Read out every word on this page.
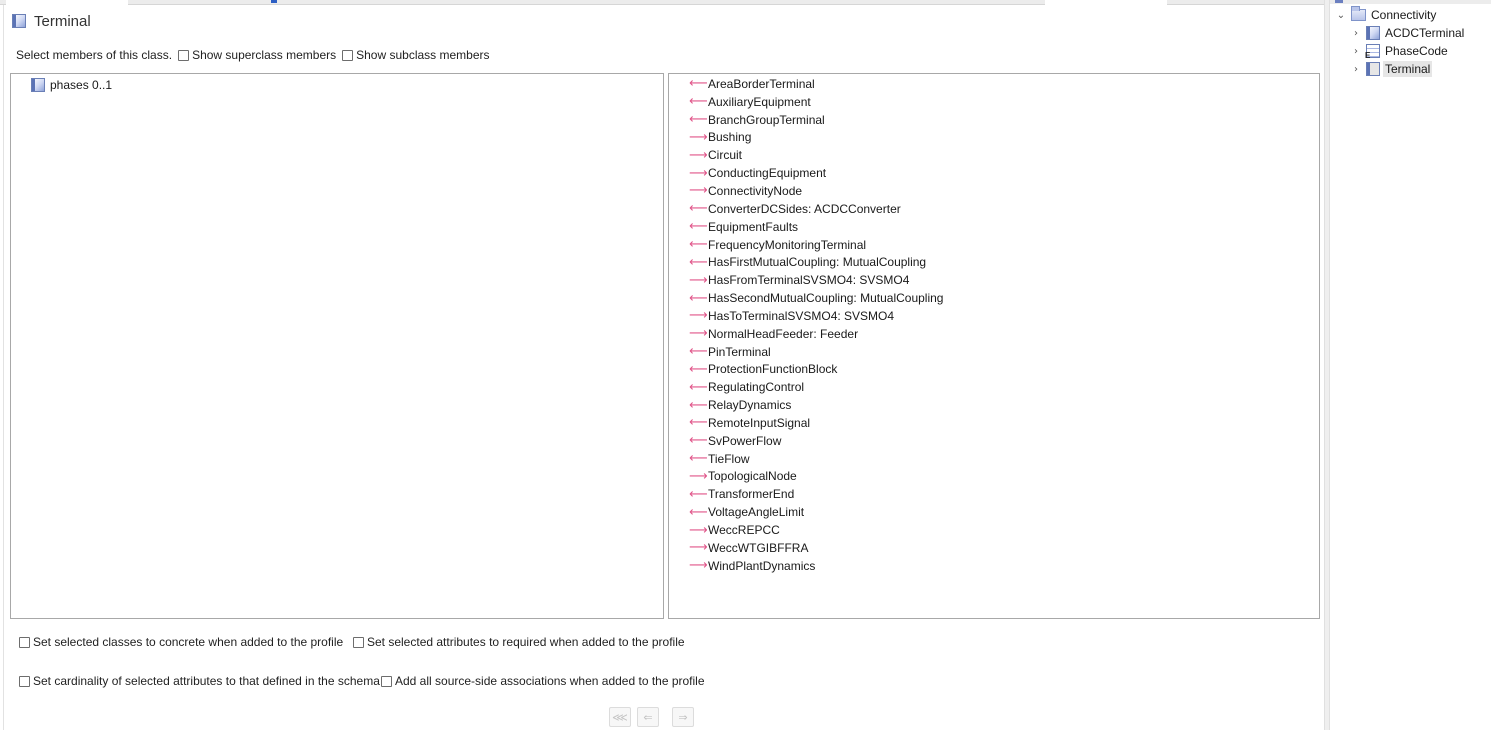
Terminal
Select members of this class. Show superclass members Show subclass members
phases 0..1	⟵ AreaBorderTerminal
⟵ AuxiliaryEquipment
⟵ BranchGroupTerminal
⟶ Bushing
⟶ Circuit
⟶ ConductingEquipment
⟶ ConnectivityNode
⟵ ConverterDCSides: ACDCConverter
⟵ EquipmentFaults
⟵ FrequencyMonitoringTerminal
⟵ HasFirstMutualCoupling: MutualCoupling
⟶ HasFromTerminalSVSMO4: SVSMO4
⟵ HasSecondMutualCoupling: MutualCoupling
⟶ HasToTerminalSVSMO4: SVSMO4
⟶ NormalHeadFeeder: Feeder
⟵ PinTerminal
⟵ ProtectionFunctionBlock
⟵ RegulatingControl
⟵ RelayDynamics
⟵ RemoteInputSignal
⟵ SvPowerFlow
⟵ TieFlow
⟶ TopologicalNode
⟵ TransformerEnd
⟵ VoltageAngleLimit
⟶ WeccREPCC
⟶ WeccWTGIBFFRA
⟶ WindPlantDynamics
Set selected classes to concrete when added to the profile Set selected attributes to required when added to the profile
Set cardinality of selected attributes to that defined in the schema Add all source-side associations when added to the profile
⋘ ⇐ ⇒
⌄ Connectivity
›	ACDCTerminal
›
E	PhaseCode
›	Terminal
